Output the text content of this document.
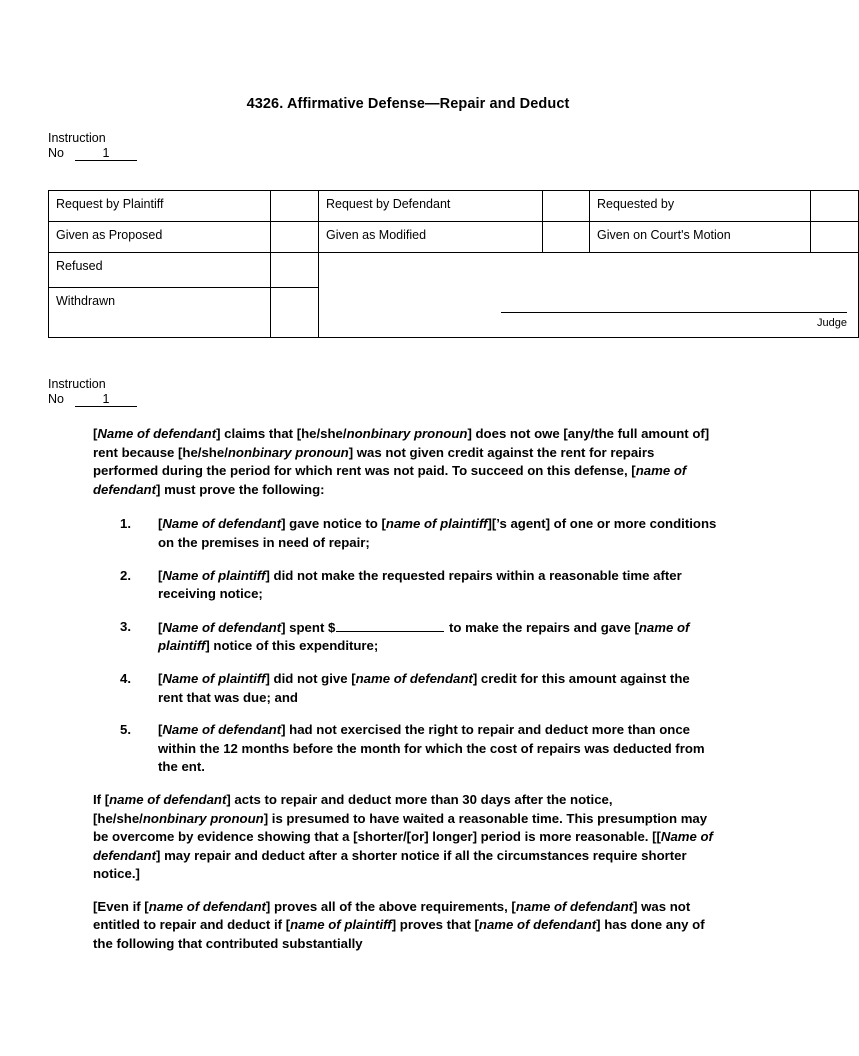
4326. Affirmative Defense—Repair and Deduct
Instruction
No	1
Request by Plaintiff		Request by Defendant		Requested by	
Given as Proposed		Given as Modified		Given on Court's Motion	
Refused		Judge			

Withdrawn					
Instruction
No	1

[Name of defendant] claims that [he/she/nonbinary pronoun] does not owe [any/the full amount of] rent because [he/she/nonbinary pronoun] was not given credit against the rent for repairs performed during the period for which rent was not paid. To succeed on this defense, [name of defendant] must prove the following:

1. [Name of defendant] gave notice to [name of plaintiff][’s agent] of one or more conditions on the premises in need of repair;
2. [Name of plaintiff] did not make the requested repairs within a reasonable time after receiving notice;
3. [Name of defendant] spent $	to make the repairs and gave [name of plaintiff] notice of this expenditure;
4. [Name of plaintiff] did not give [name of defendant] credit for this amount against the rent that was due; and
5. [Name of defendant] had not exercised the right to repair and deduct more than once within the 12 months before the month for which the cost of repairs was deducted from the ent.

If [name of defendant] acts to repair and deduct more than 30 days after the notice, [he/she/nonbinary pronoun] is presumed to have waited a reasonable time. This presumption may be overcome by evidence showing that a [shorter/[or] longer] period is more reasonable. [[Name of defendant] may repair and deduct after a shorter notice if all the circumstances require shorter notice.]

[Even if [name of defendant] proves all of the above requirements, [name of defendant] was not entitled to repair and deduct if [name of plaintiff] proves that [name of defendant] has done any of the following that contributed substantially
